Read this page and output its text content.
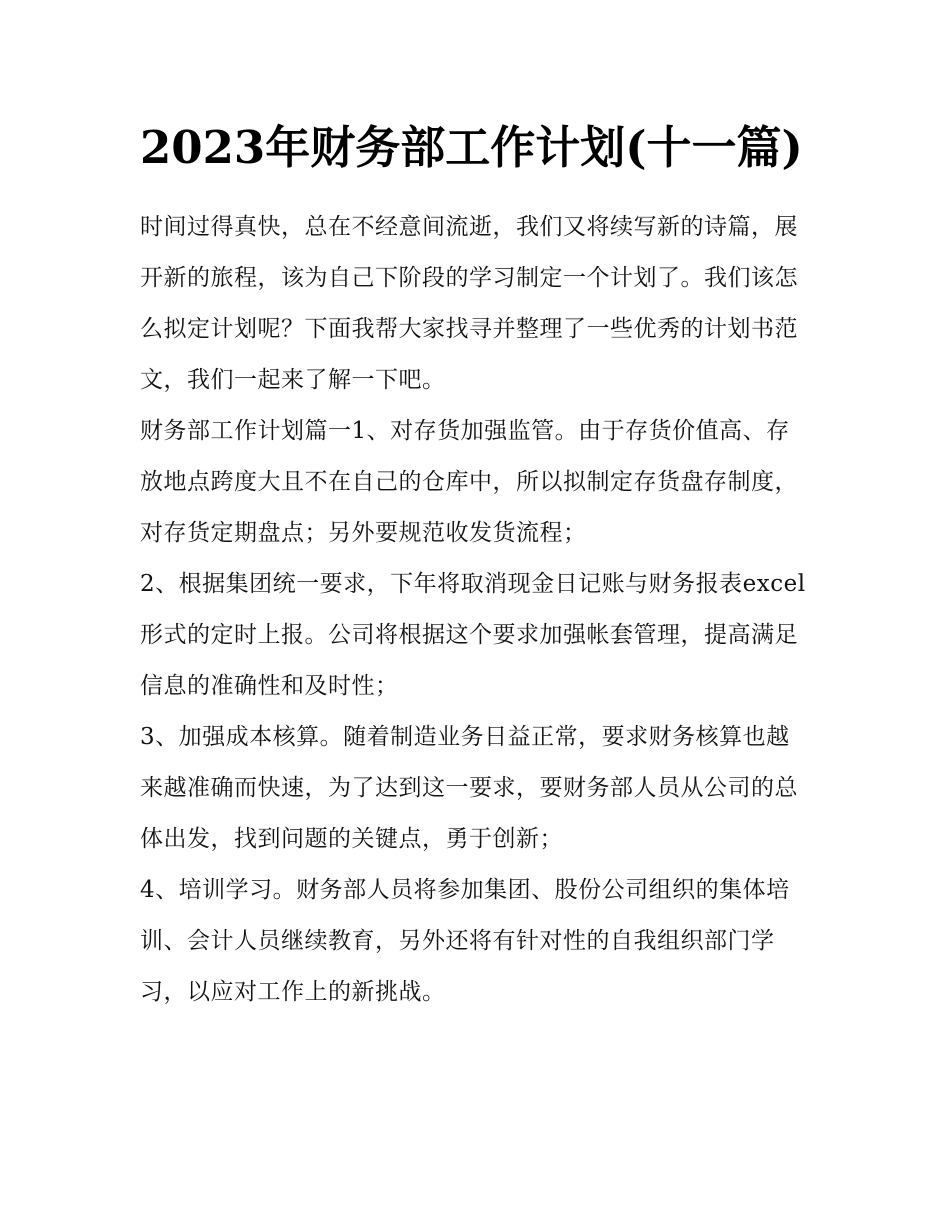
2023年财务部工作计划(十一篇)

时间过得真快，总在不经意间流逝，我们又将续写新的诗篇，展开新的旅程，该为自己下阶段的学习制定一个计划了。我们该怎么拟定计划呢？下面我帮大家找寻并整理了一些优秀的计划书范文，我们一起来了解一下吧。

财务部工作计划篇一1、对存货加强监管。由于存货价值高、存放地点跨度大且不在自己的仓库中，所以拟制定存货盘存制度，对存货定期盘点；另外要规范收发货流程；

2、根据集团统一要求，下年将取消现金日记账与财务报表excel形式的定时上报。公司将根据这个要求加强帐套管理，提高满足信息的准确性和及时性；

3、加强成本核算。随着制造业务日益正常，要求财务核算也越来越准确而快速，为了达到这一要求，要财务部人员从公司的总体出发，找到问题的关键点，勇于创新；

4、培训学习。财务部人员将参加集团、股份公司组织的集体培训、会计人员继续教育，另外还将有针对性的自我组织部门学习，以应对工作上的新挑战。
